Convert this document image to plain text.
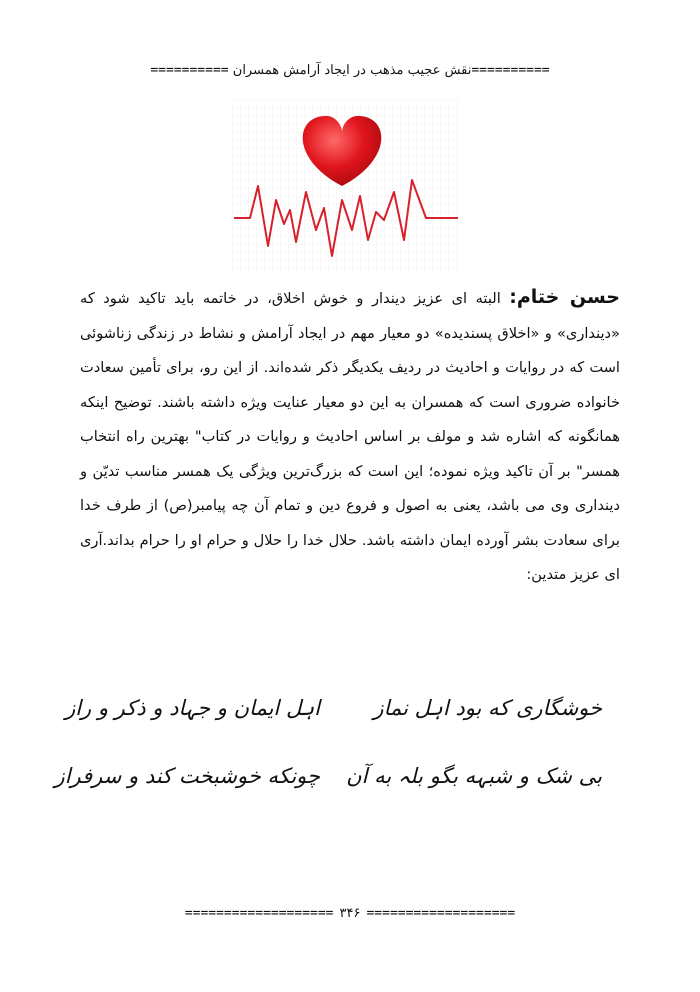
==========نقش عجیب مذهب در ایجاد آرامش همسران ==========
حسن ختام: البته ای عزیز دیندار و خوش اخلاق، در خاتمه باید تاکید شود که «دینداری» و «اخلاق پسندیده» دو معیار مهم در ایجاد آرامش و نشاط در زندگی زناشوئی است که در روایات و احادیث در ردیف یکدیگر ذکر شده‌اند. از این رو، برای تأمین سعادت خانواده ضروری است که همسران به این دو معیار عنایت ویژه داشته باشند. توضیح اینکه همانگونه که اشاره شد و مولف بر اساس احادیث و روایات در کتاب" بهترین راه انتخاب همسر" بر آن تاکید ویژه نموده؛ این است که بزرگ‌ترین ویژگی یک همسر مناسب تدیّن و دینداری وی می باشد، یعنی به اصول و فروع دین و تمام آن چه پیامبر(ص) از طرف خدا برای سعادت بشر آورده ایمان داشته باشد. حلال خدا را حلال و حرام او را حرام بداند.آری ای عزیز متدین:
خوشگاری که بود اہل نماز
اہل ایمان و جہاد و ذکر و راز
بی شک و شبہه بگو بلہ به آن
چونکه خوشبخت کند و سرفراز
=================== ۳۴۶ ===================
